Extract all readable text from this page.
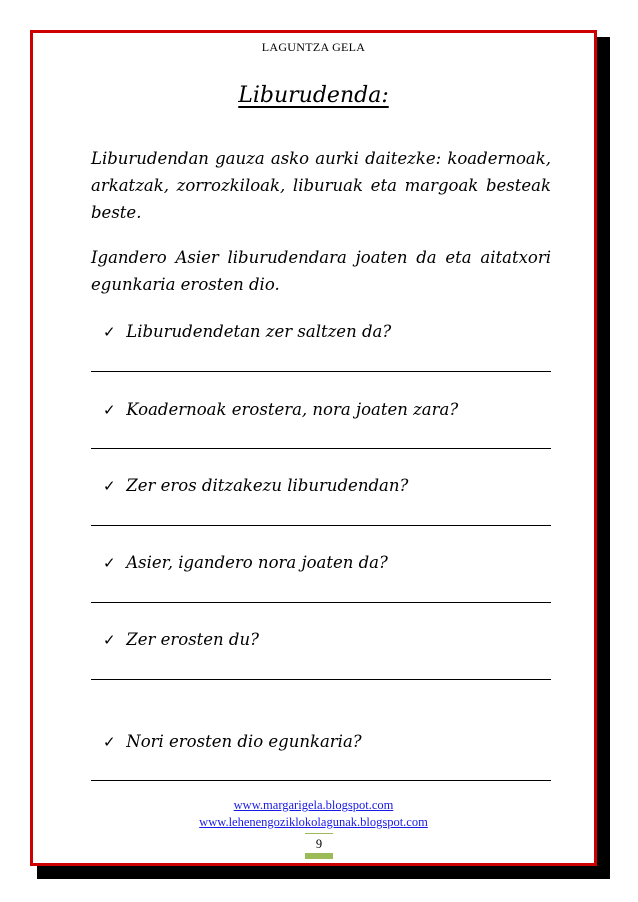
LAGUNTZA GELA
Liburudenda:
Liburudendan gauza asko aurki daitezke: koadernoak, arkatzak, zorrozkiloak, liburuak eta margoak besteak beste.
Igandero Asier liburudendara joaten da eta aitatxori egunkaria erosten dio.
✓ Liburudendetan zer saltzen da?
✓ Koadernoak erostera, nora joaten zara?
✓ Zer eros ditzakezu liburudendan?
✓ Asier, igandero nora joaten da?
✓ Zer erosten du?
✓ Nori erosten dio egunkaria?
www.margarigela.blogspot.com
www.lehenengoziklokolagunak.blogspot.com
9
